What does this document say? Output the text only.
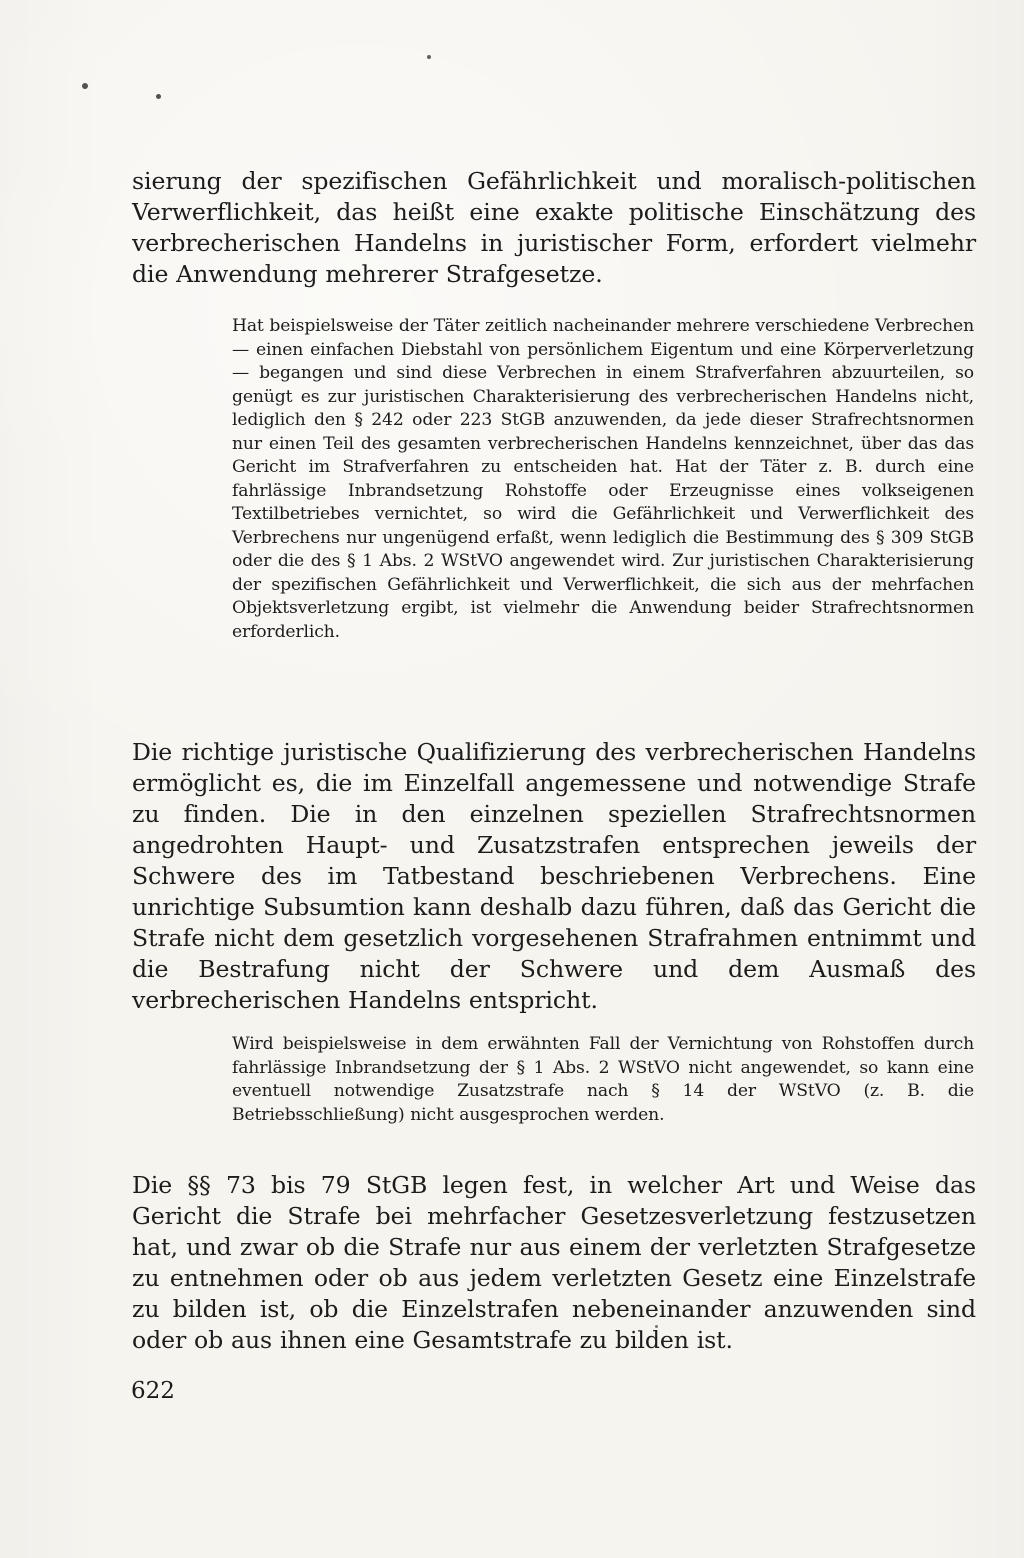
sierung der spezifischen Gefährlichkeit und moralisch-politischen Verwerflichkeit, das heißt eine exakte politische Einschätzung des verbrecherischen Handelns in juristischer Form, erfordert vielmehr die Anwendung mehrerer Strafgesetze.

Hat beispielsweise der Täter zeitlich nacheinander mehrere verschiedene Verbrechen — einen einfachen Diebstahl von persönlichem Eigentum und eine Körperverletzung — begangen und sind diese Verbrechen in einem Strafverfahren abzuurteilen, so genügt es zur juristischen Charakterisierung des verbrecherischen Handelns nicht, lediglich den § 242 oder 223 StGB anzuwenden, da jede dieser Strafrechtsnormen nur einen Teil des gesamten verbrecherischen Handelns kennzeichnet, über das das Gericht im Strafverfahren zu entscheiden hat. Hat der Täter z. B. durch eine fahrlässige Inbrandsetzung Rohstoffe oder Erzeugnisse eines volkseigenen Textilbetriebes vernichtet, so wird die Gefährlichkeit und Verwerflichkeit des Verbrechens nur ungenügend erfaßt, wenn lediglich die Bestimmung des § 309 StGB oder die des § 1 Abs. 2 WStVO angewendet wird. Zur juristischen Charakterisierung der spezifischen Gefährlichkeit und Verwerflichkeit, die sich aus der mehrfachen Objektsverletzung ergibt, ist vielmehr die Anwendung beider Strafrechtsnormen erforderlich.

Die richtige juristische Qualifizierung des verbrecherischen Handelns ermöglicht es, die im Einzelfall angemessene und notwendige Strafe zu finden. Die in den einzelnen speziellen Strafrechtsnormen angedrohten Haupt- und Zusatzstrafen entsprechen jeweils der Schwere des im Tatbestand beschriebenen Verbrechens. Eine unrichtige Subsumtion kann deshalb dazu führen, daß das Gericht die Strafe nicht dem gesetzlich vorgesehenen Strafrahmen entnimmt und die Bestrafung nicht der Schwere und dem Ausmaß des verbrecherischen Handelns entspricht.

Wird beispielsweise in dem erwähnten Fall der Vernichtung von Rohstoffen durch fahrlässige Inbrandsetzung der § 1 Abs. 2 WStVO nicht angewendet, so kann eine eventuell notwendige Zusatzstrafe nach § 14 der WStVO (z. B. die Betriebsschließung) nicht ausgesprochen werden.

Die §§ 73 bis 79 StGB legen fest, in welcher Art und Weise das Gericht die Strafe bei mehrfacher Gesetzesverletzung festzusetzen hat, und zwar ob die Strafe nur aus einem der verletzten Strafgesetze zu entnehmen oder ob aus jedem verletzten Gesetz eine Einzelstrafe zu bilden ist, ob die Einzelstrafen nebeneinander anzuwenden sind oder ob aus ihnen eine Gesamtstrafe zu bilden ist.

622
